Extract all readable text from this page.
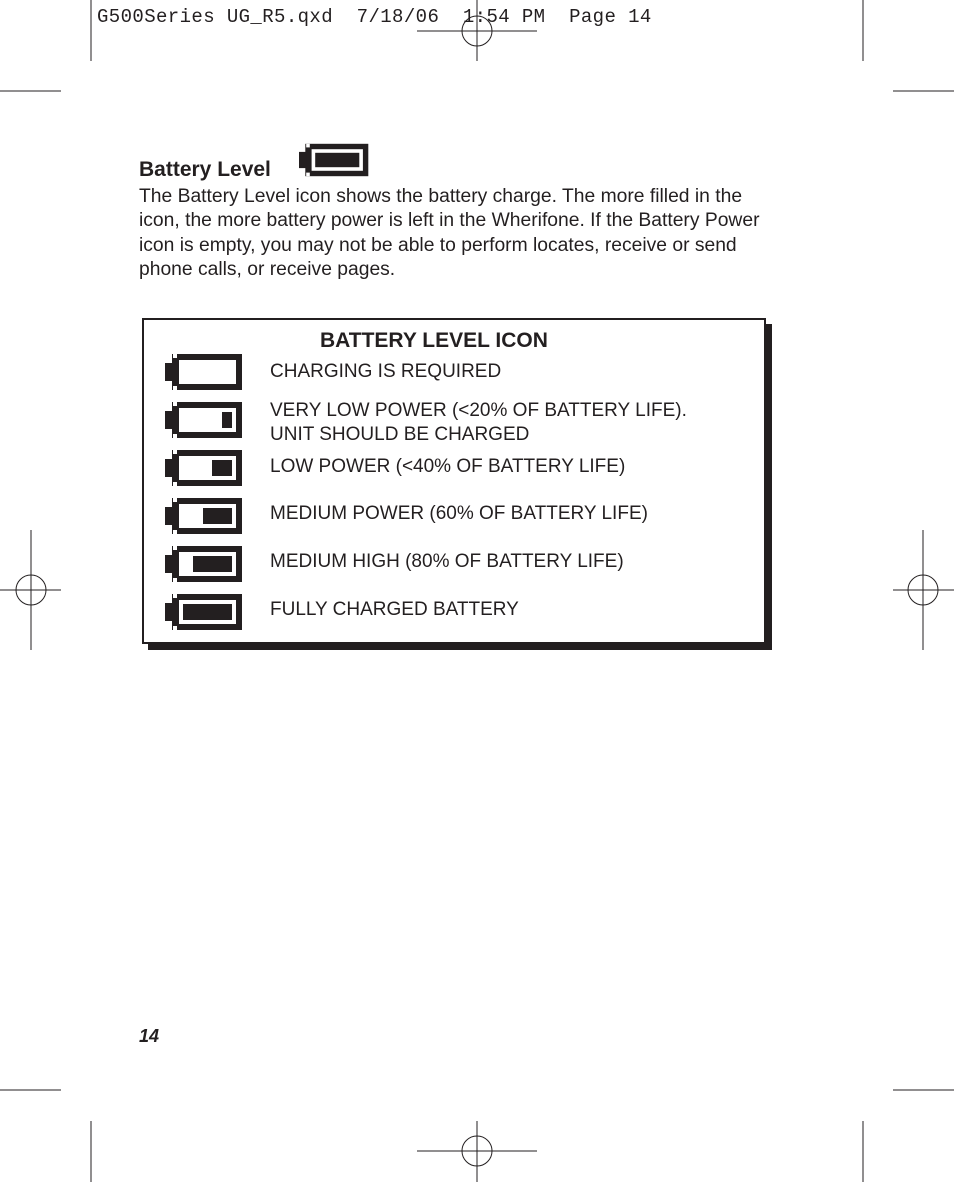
G500Series UG_R5.qxd  7/18/06  1:54 PM  Page 14
Battery Level

The Battery Level icon shows the battery charge. The more filled in the icon, the more battery power is left in the Wherifone. If the Battery Power icon is empty, you may not be able to perform locates, receive or send phone calls, or receive pages.

BATTERY LEVEL ICON
CHARGING IS REQUIRED
VERY LOW POWER (<20% OF BATTERY LIFE).
UNIT SHOULD BE CHARGED
LOW POWER (<40% OF BATTERY LIFE)
MEDIUM POWER (60% OF BATTERY LIFE)
MEDIUM HIGH (80% OF BATTERY LIFE)
FULLY CHARGED BATTERY
14
